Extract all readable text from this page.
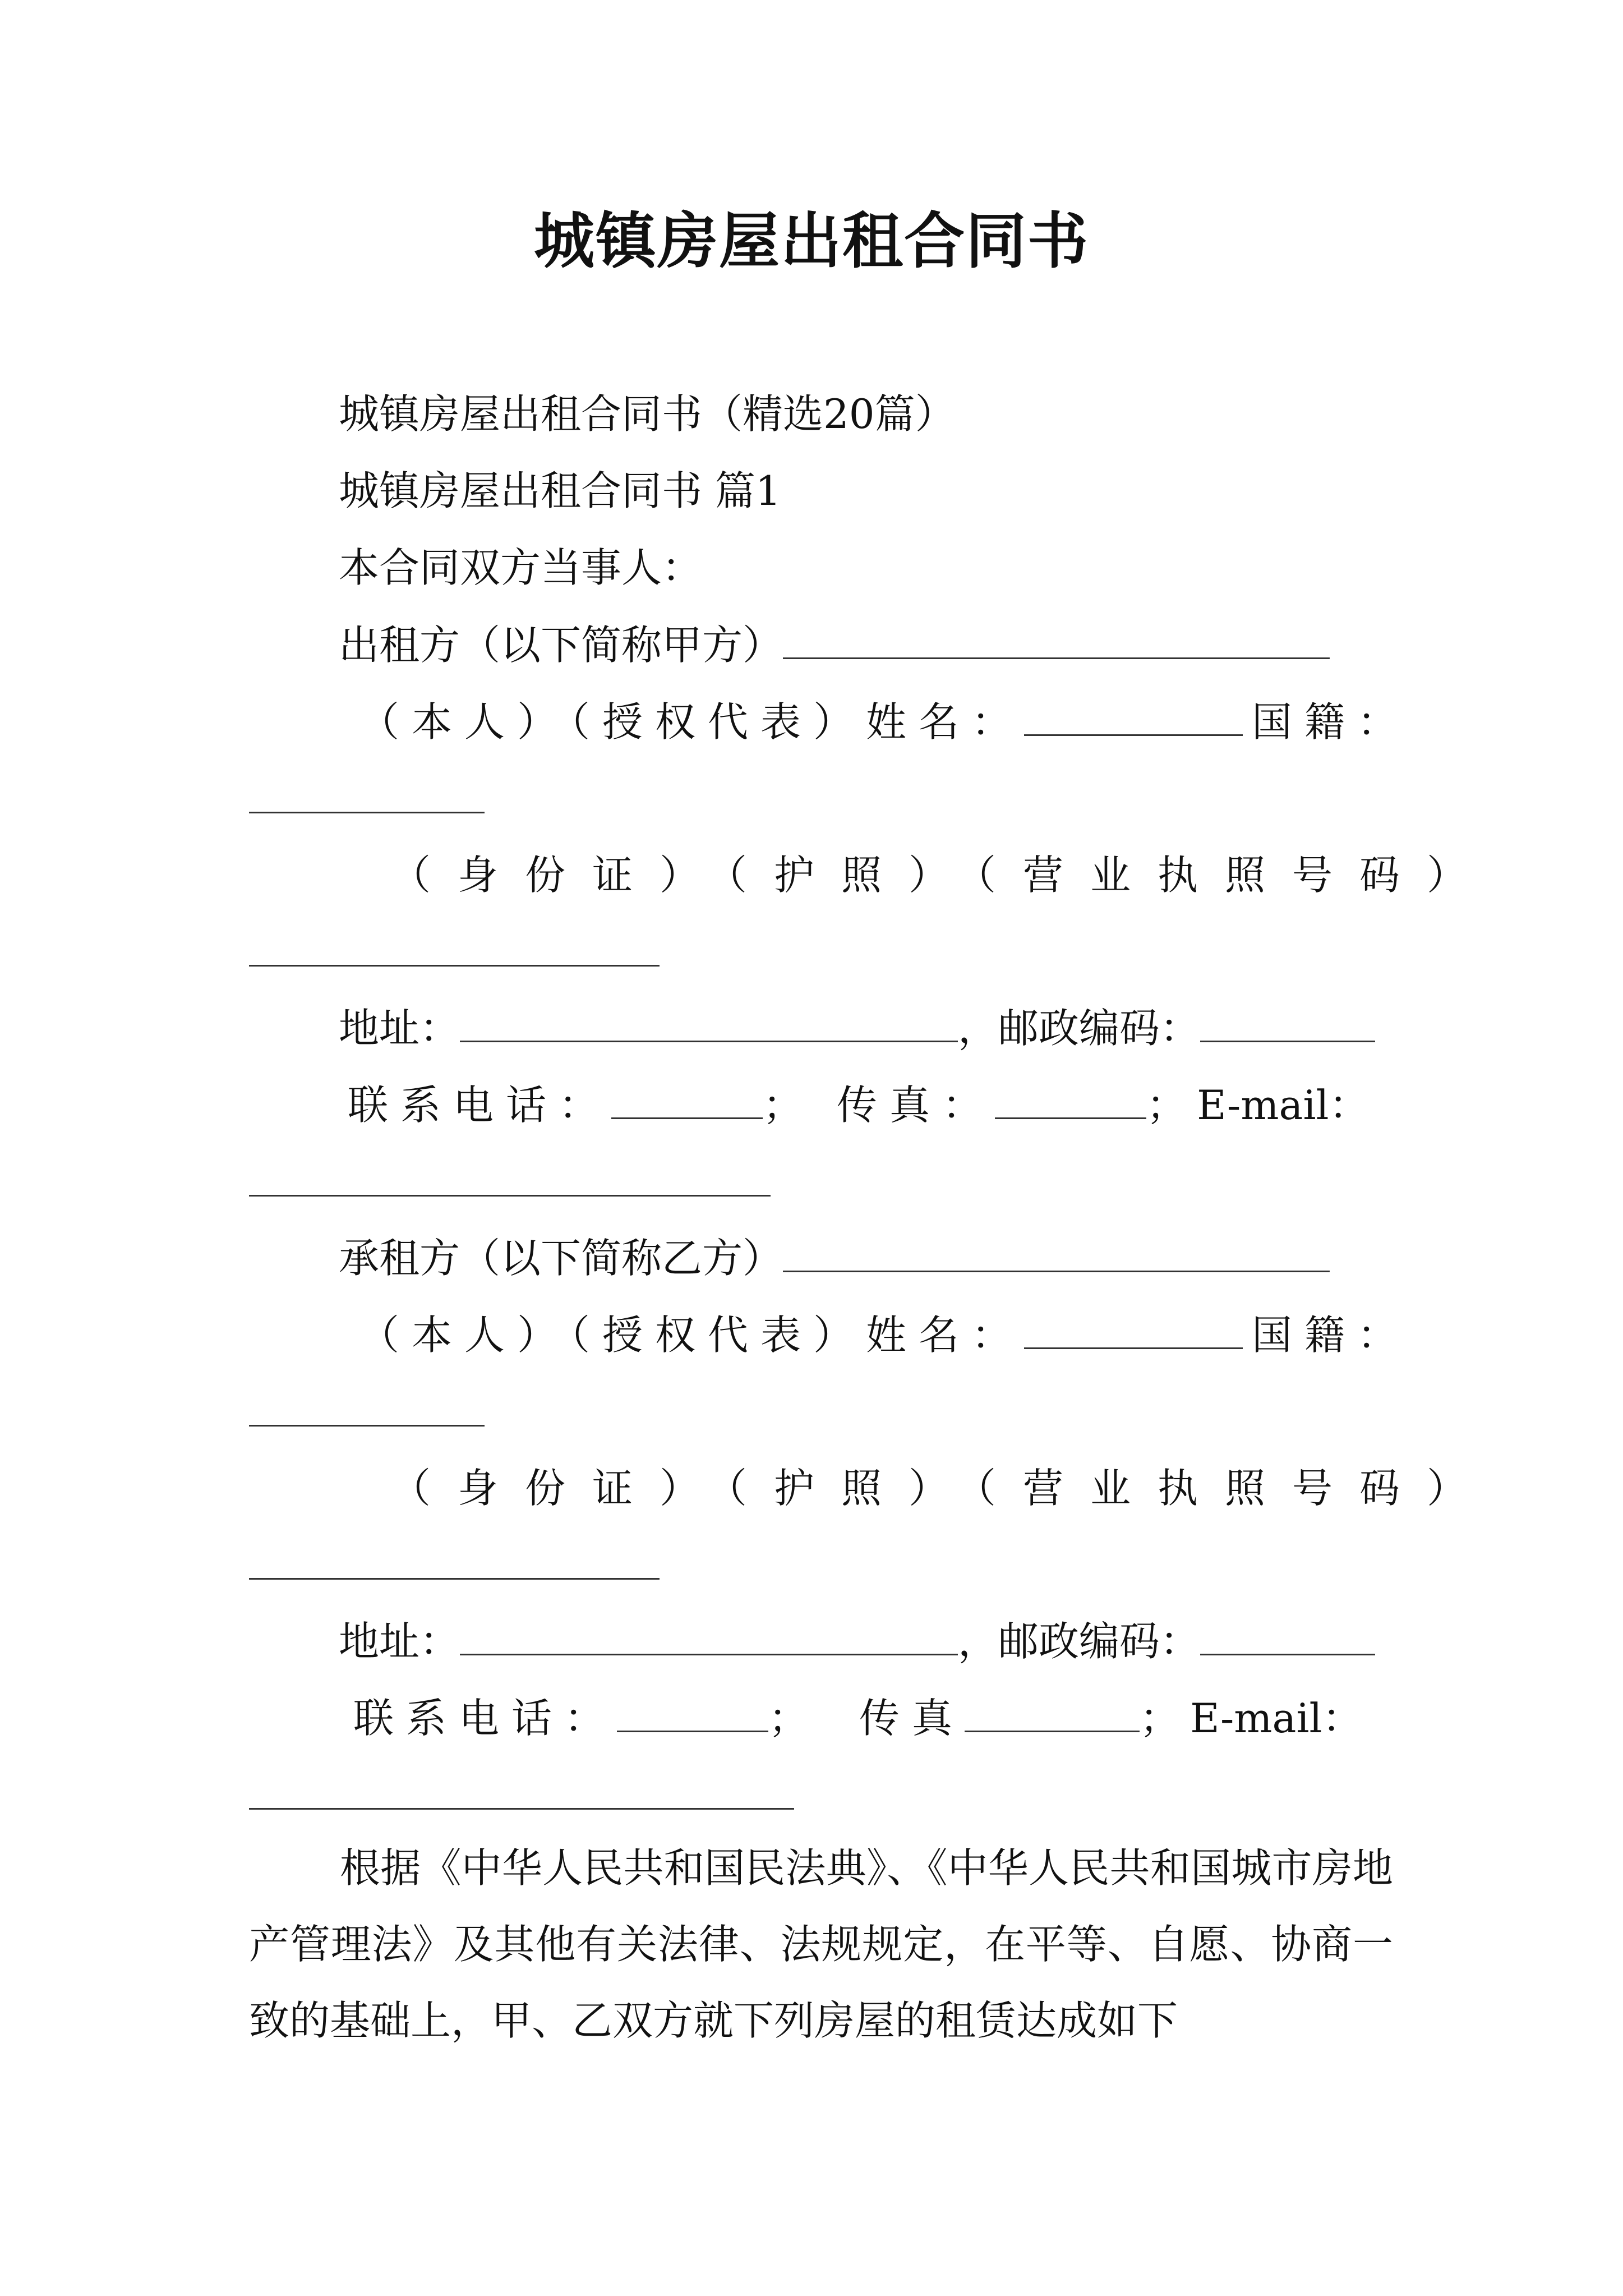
城镇房屋出租合同书
城镇房屋出租合同书（精选20篇）
城镇房屋出租合同书 篇1
本合同双方当事人：
出租方（以下简称甲方）
（本人）（授权代表）姓名：	国籍：
（身份证）（护照）（营业执照号码）
地址：	，邮政编码：
联系电话：	； 传真：	； E-mail：
承租方（以下简称乙方）
（本人）（授权代表）姓名：	国籍：
（身份证）（护照）（营业执照号码）
地址：	，邮政编码：
联系电话：	； 传真	； E-mail：
根据《中华人民共和国民法典》、《中华人民共和国城市房地产管理法》及其他有关法律、法规规定，在平等、自愿、协商一致的基础上，甲、乙双方就下列房屋的租赁达成如下
